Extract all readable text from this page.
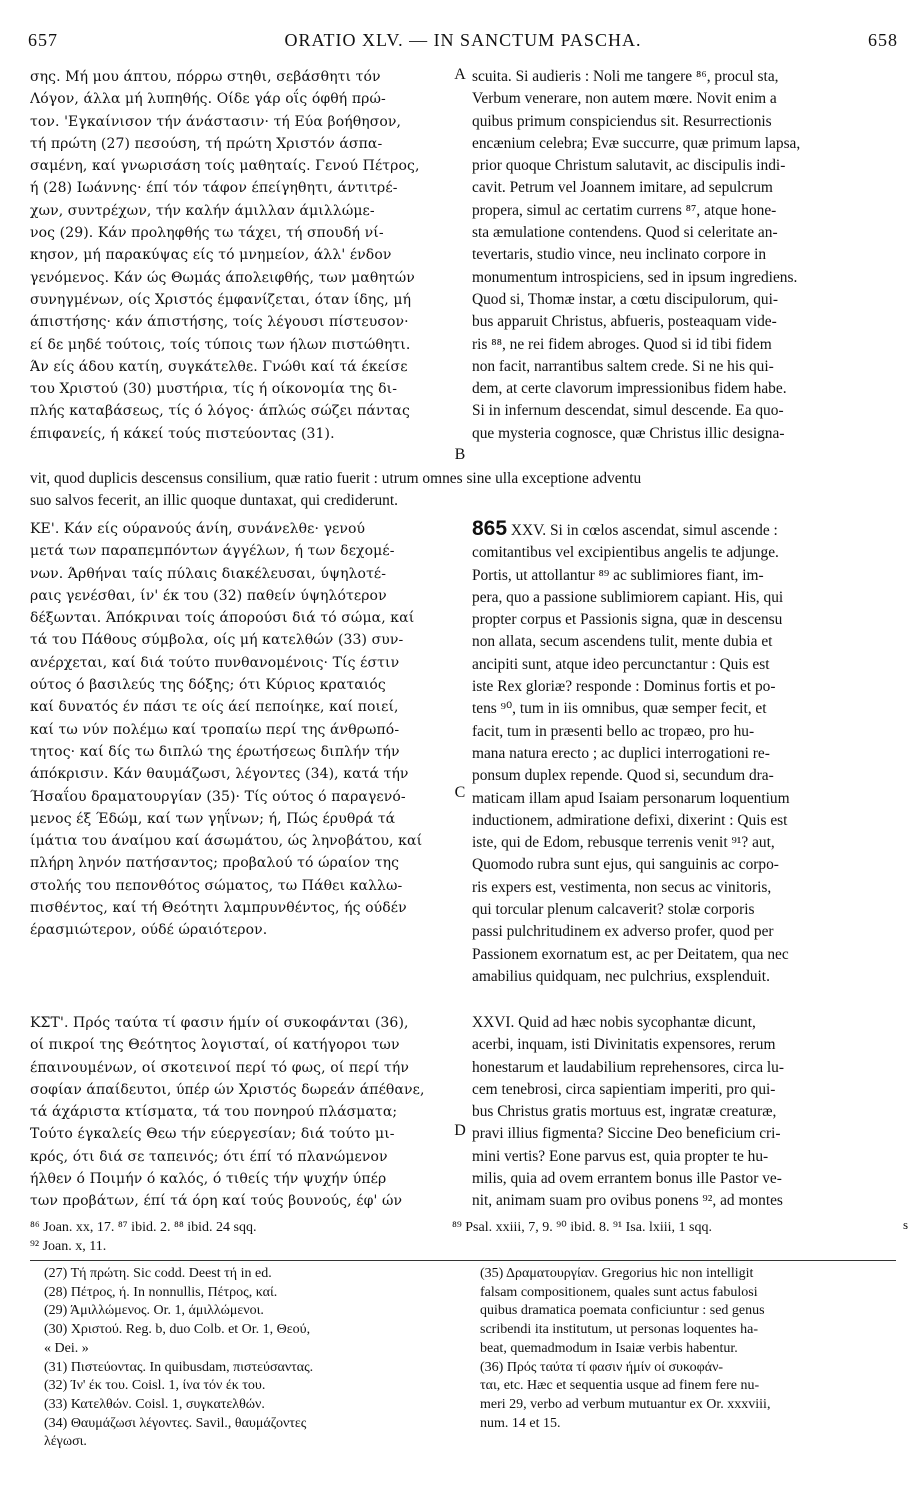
657	ORATIO XLV. — IN SANCTUM PASCHA.	658
σης. Μή μου άπτου, πόρρω στηθι, σεβάσθητι τόν
Λόγον, άλλα μή λυπηθής. Οίδε γάρ οΐς όφθή πρώ-
τον. 'Εγκαίνισον τήν άνάστασιν· τή Εύα βοήθησον,
τή πρώτη (27) πεσούση, τή πρώτη Χριστόν άσπα-
σαμένη, καί γνωρισάση τοίς μαθηταίς. Γενού Πέτρος,
ή (28) Ιωάννης· έπί τόν τάφον έπείγηθητι, άντιτρέ-
χων, συντρέχων, τήν καλήν άμιλλαν άμιλλώμε-
νος (29). Κάν προληφθής τω τάχει, τή σπουδή νί-
κησον, μή παρακύψας είς τό μνημείον, άλλ' ένδον
γενόμενος. Κάν ώς Θωμάς άπολειφθής, των μαθητών
συνηγμένων, οίς Χριστός έμφανίζεται, όταν ίδης, μή
άπιστήσης· κάν άπιστήσης, τοίς λέγουσι πίστευσον·
εί δε μηδέ τούτοις, τοίς τύποις των ήλων πιστώθητι.
Άν είς άδου κατίη, συγκάτελθε. Γνώθι καί τά έκείσε
του Χριστού (30) μυστήρια, τίς ή οίκονομία της δι-
πλής καταβάσεως, τίς ό λόγος· άπλώς σώζει πάντας
έπιφανείς, ή κάκεί τούς πιστεύοντας (31).
A scuita. Si audieris : Noli me tangere ⁸⁶, procul sta,
Verbum venerare, non autem mœre. Novit enim a
quibus primum conspiciendus sit. Resurrectionis
encænium celebra; Evæ succurre, quæ primum lapsa,
prior quoque Christum salutavit, ac discipulis indi-
cavit. Petrum vel Joannem imitare, ad sepulcrum
propera, simul ac certatim currens ⁸⁷, atque hone-
sta æmulatione contendens. Quod si celeritate an-
tevertaris, studio vince, neu inclinato corpore in
monumentum introspiciens, sed in ipsum ingrediens.
Quod si, Thomæ instar, a cœtu discipulorum, qui-
bus apparuit Christus, abfueris, posteaquam vide-
ris ⁸⁸, ne rei fidem abroges. Quod si id tibi fidem
non facit, narrantibus saltem crede. Si ne his qui-
dem, at certe clavorum impressionibus fidem habe.
Si in infernum descendat, simul descende. Ea quo-
que mysteria cognosce, quæ Christus illic designa-
B
vit, quod duplicis descensus consilium, quæ ratio fuerit : utrum omnes sine ulla exceptione adventu
suo salvos fecerit, an illic quoque duntaxat, qui crediderunt.
ΚΕ'. Κάν είς ούρανούς άνίη, συνάνελθε· γενού
μετά των παραπεμπόντων άγγέλων, ή των δεχομέ-
νων. Άρθήναι ταίς πύλαις διακέλευσαι, ύψηλοτέ-
ραις γενέσθαι, ίν' έκ του (32) παθείν ύψηλότερον
δέξωνται. Άπόκριναι τοίς άπορούσι διά τό σώμα, καί
τά του Πάθους σύμβολα, οίς μή κατελθών (33) συν-
ανέρχεται, καί διά τούτο πυνθανομένοις· Τίς έστιν
ούτος ό βασιλεύς της δόξης; ότι Κύριος κραταιός
καί δυνατός έν πάσι τε οίς άεί πεποίηκε, καί ποιεί,
καί τω νύν πολέμω καί τροπαίω περί της άνθρωπό-
τητος· καί δίς τω διπλώ της έρωτήσεως διπλήν τήν
άπόκρισιν. Κάν θαυμάζωσι, λέγοντες (34), κατά τήν
Ήσαΐου δραματουργίαν (35)· Τίς ούτος ό παραγενό-
μενος έξ Έδώμ, καί των γηΐνων; ή, Πώς έρυθρά τά
ίμάτια του άναίμου καί άσωμάτου, ώς ληνοβάτου, καί
πλήρη ληνόν πατήσαντος; προβαλού τό ώραίον της
στολής του πεπονθότος σώματος, τω Πάθει καλλω-
πισθέντος, καί τή Θεότητι λαμπρυνθέντος, ής ούδέν
έρασμιώτερον, ούδέ ώραιότερον.
C
865 XXV. Si in cœlos ascendat, simul ascende :
comitantibus vel excipientibus angelis te adjunge.
Portis, ut attollantur ⁸⁹ ac sublimiores fiant, im-
pera, quo a passione sublimiorem capiant. His, qui
propter corpus et Passionis signa, quæ in descensu
non allata, secum ascendens tulit, mente dubia et
ancipiti sunt, atque ideo percunctantur : Quis est
iste Rex gloriæ? responde : Dominus fortis et po-
tens ⁹⁰, tum in iis omnibus, quæ semper fecit, et
facit, tum in præsenti bello ac tropæo, pro hu-
mana natura erecto ; ac duplici interrogationi re-
ponsum duplex repende. Quod si, secundum dra-
maticam illam apud Isaiam personarum loquentium
inductionem, admiratione defixi, dixerint : Quis est
iste, qui de Edom, rebusque terrenis venit ⁹¹? aut,
Quomodo rubra sunt ejus, qui sanguinis ac corpo-
ris expers est, vestimenta, non secus ac vinitoris,
qui torcular plenum calcaverit? stolæ corporis
passi pulchritudinem ex adverso profer, quod per
Passionem exornatum est, ac per Deitatem, qua nec
amabilius quidquam, nec pulchrius, exsplenduit.
ΚΣΤ'. Πρός ταύτα τί φασιν ήμίν οί συκοφάνται (36),
οί πικροί της Θεότητος λογισταί, οί κατήγοροι των
έπαινουμένων, οί σκοτεινοί περί τό φως, οί περί τήν
σοφίαν άπαίδευτοι, ύπέρ ών Χριστός δωρεάν άπέθανε,
τά άχάριστα κτίσματα, τά του πονηρού πλάσματα;
Τούτο έγκαλείς Θεω τήν εύεργεσίαν; διά τούτο μι-
κρός, ότι διά σε ταπεινός; ότι έπί τό πλανώμενον
ήλθεν ό Ποιμήν ό καλός, ό τιθείς τήν ψυχήν ύπέρ
των προβάτων, έπί τά όρη καί τούς βουνούς, έφ' ών
D
XXVI. Quid ad hæc nobis sycophantæ dicunt,
acerbi, inquam, isti Divinitatis expensores, rerum
honestarum et laudabilium reprehensores, circa lu-
cem tenebrosi, circa sapientiam imperiti, pro qui-
bus Christus gratis mortuus est, ingratæ creaturæ,
pravi illius figmenta? Siccine Deo beneficium cri-
mini vertis? Eone parvus est, quia propter te hu-
milis, quia ad ovem errantem bonus ille Pastor ve-
nit, animam suam pro ovibus ponens ⁹², ad montes
s
⁸⁶ Joan. xx, 17. ⁸⁷ ibid. 2. ⁸⁸ ibid. 24 sqq.
⁹² Joan. x, 11.
⁸⁹ Psal. xxiii, 7, 9. ⁹⁰ ibid. 8. ⁹¹ Isa. lxiii, 1 sqq.
(27) Τή πρώτη. Sic codd. Deest τή in ed.
(28) Πέτρος, ή. In nonnullis, Πέτρος, καί.
(29) Άμιλλώμενος. Or. 1, άμιλλώμενοι.
(30) Χριστού. Reg. b, duo Colb. et Or. 1, Θεού,
« Dei. »
(31) Πιστεύοντας. In quibusdam, πιστεύσαντας.
(32) Ίν' έκ του. Coisl. 1, ίνα τόν έκ του.
(33) Κατελθών. Coisl. 1, συγκατελθών.
(34) Θαυμάζωσι λέγοντες. Savil., θαυμάζοντες
λέγωσι.
(35) Δραματουργίαν. Gregorius hic non intelligit
falsam compositionem, quales sunt actus fabulosi
quibus dramatica poemata conficiuntur : sed genus
scribendi ita institutum, ut personas loquentes ha-
beat, quemadmodum in Isaiæ verbis habentur.
(36) Πρός ταύτα τί φασιν ήμίν οί συκοφάν-
ται, etc. Hæc et sequentia usque ad finem fere nu-
meri 29, verbo ad verbum mutuantur ex Or. xxxviii,
num. 14 et 15.
